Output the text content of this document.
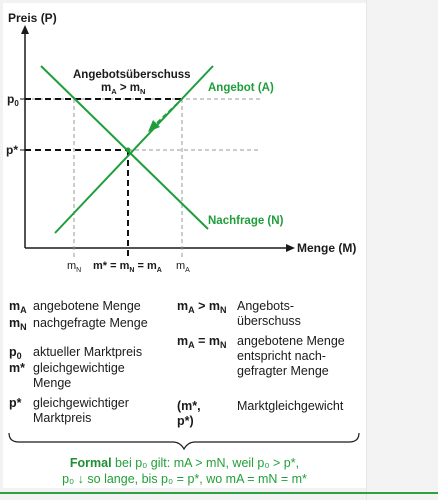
Preis (P)
Menge (M)
$p_0$
p*
$m_N$ $m* = m_N = m_A$ $m_A$
Angebotsüberschuss
$m_A > m_N$	Angebot (A)
Nachfrage (N)
$m_A$ angebotene Menge
$m_N$ nachgefragte Menge
$p_0$ aktueller Marktpreis
m* gleichgewichtige Menge
p* gleichgewichtiger Marktpreis
$m_A > m_N$ Angebots-überschuss
$m_A = m_N$ angebotene Menge entspricht nach-gefragter Menge
(m*, p*)
Marktgleichgewicht
Formal bei p₀ gilt: mA > mN, weil p₀ > p*,
p₀ ↓ so lange, bis p₀ = p*, wo mA = mN = m*
